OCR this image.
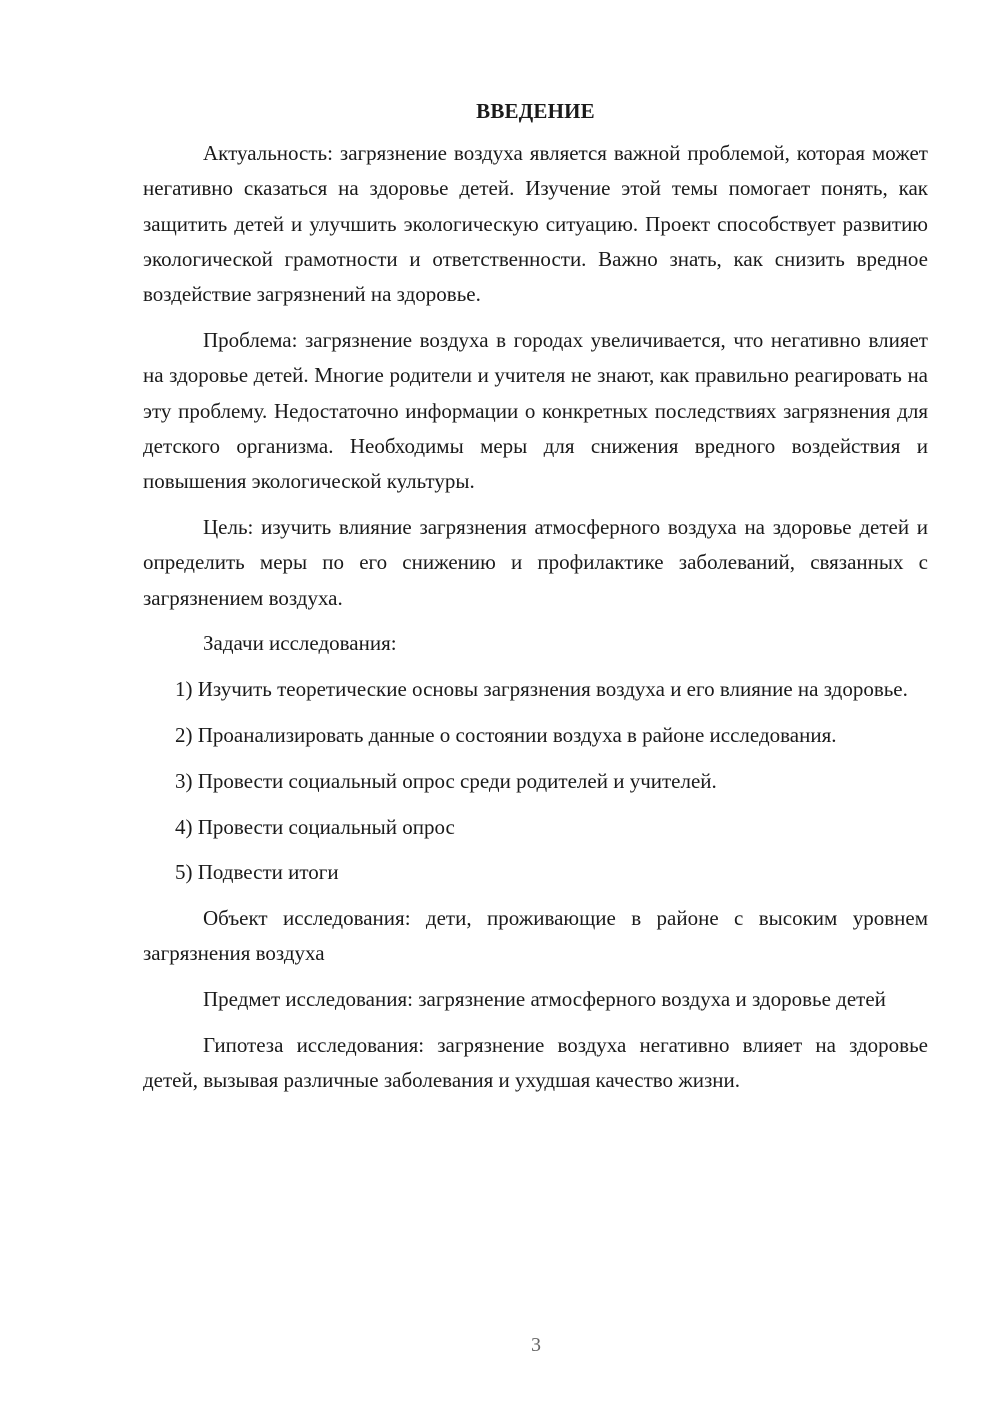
ВВЕДЕНИЕ

Актуальность: загрязнение воздуха является важной проблемой, которая может негативно сказаться на здоровье детей. Изучение этой темы помогает понять, как защитить детей и улучшить экологическую ситуацию. Проект способствует развитию экологической грамотности и ответственности. Важно знать, как снизить вредное воздействие загрязнений на здоровье.

Проблема: загрязнение воздуха в городах увеличивается, что негативно влияет на здоровье детей. Многие родители и учителя не знают, как правильно реагировать на эту проблему. Недостаточно информации о конкретных последствиях загрязнения для детского организма. Необходимы меры для снижения вредного воздействия и повышения экологической культуры.

Цель: изучить влияние загрязнения атмосферного воздуха на здоровье детей и определить меры по его снижению и профилактике заболеваний, связанных с загрязнением воздуха.

Задачи исследования:

1) Изучить теоретические основы загрязнения воздуха и его влияние на здоровье.

2) Проанализировать данные о состоянии воздуха в районе исследования.

3) Провести социальный опрос среди родителей и учителей.

4) Провести социальный опрос

5) Подвести итоги

Объект исследования: дети, проживающие в районе с высоким уровнем загрязнения воздуха

Предмет исследования: загрязнение атмосферного воздуха и здоровье детей

Гипотеза исследования: загрязнение воздуха негативно влияет на здоровье детей, вызывая различные заболевания и ухудшая качество жизни.

3
